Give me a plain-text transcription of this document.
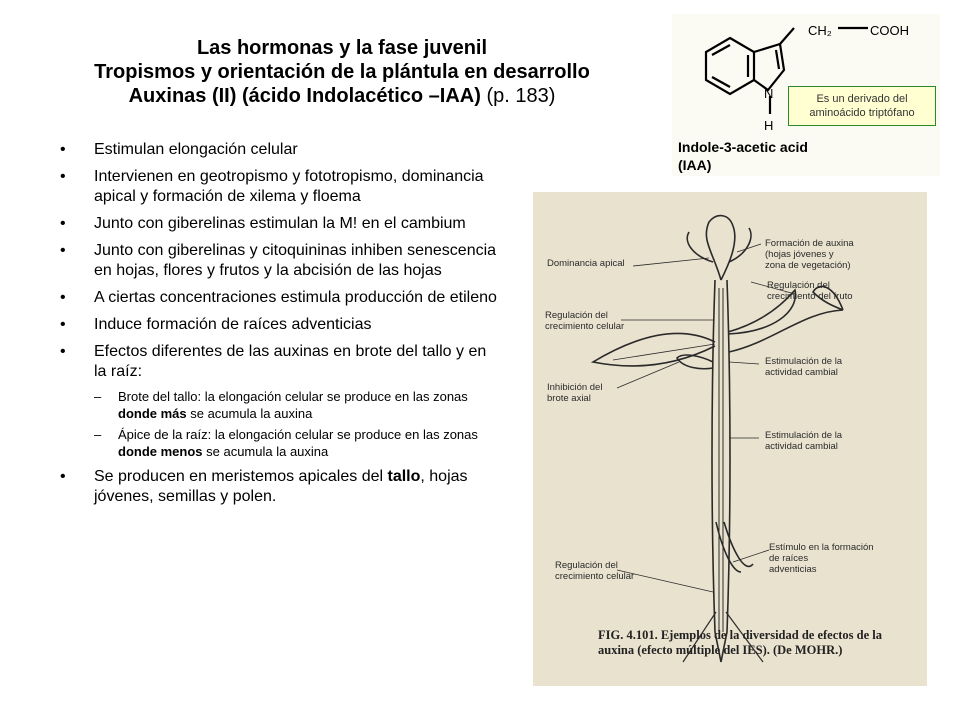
Las hormonas y la fase juvenil
Tropismos y orientación de la plántula en desarrollo
Auxinas (II) (ácido Indolacético –IAA) (p. 183)
• Estimulan elongación celular
• Intervienen en geotropismo y fototropismo, dominancia apical y formación de xilema y floema
• Junto con giberelinas estimulan la M! en el cambium
• Junto con giberelinas y citoquininas inhiben senescencia en hojas, flores y frutos y la abcisión de las hojas
• A ciertas concentraciones estimula producción de etileno
• Induce formación de raíces adventicias
• Efectos diferentes de las auxinas en brote del tallo y en la raíz:
– Brote del tallo: la elongación celular se produce en las zonas donde más se acumula la auxina
– Ápice de la raíz: la elongación celular se produce en las zonas donde menos se acumula la auxina
• Se producen en meristemos apicales del tallo, hojas jóvenes, semillas y polen.
CH₂	COOH
N
H
Indole-3-acetic acid
(IAA)
Es un derivado del aminoácido triptófano
Dominancia apical
Formación de auxina
(hojas jóvenes y
zona de vegetación)
Regulación del
crecimiento del fruto
Regulación del
crecimiento celular
Estimulación de la
actividad cambial
Inhibición del
brote axial
Estimulación de la
actividad cambial
Estímulo en la formación
de raíces
adventicias
Regulación del
crecimiento celular
FIG. 4.101. Ejemplos de la diversidad de efectos de la auxina (efecto múltiple del IES). (De MOHR.)
